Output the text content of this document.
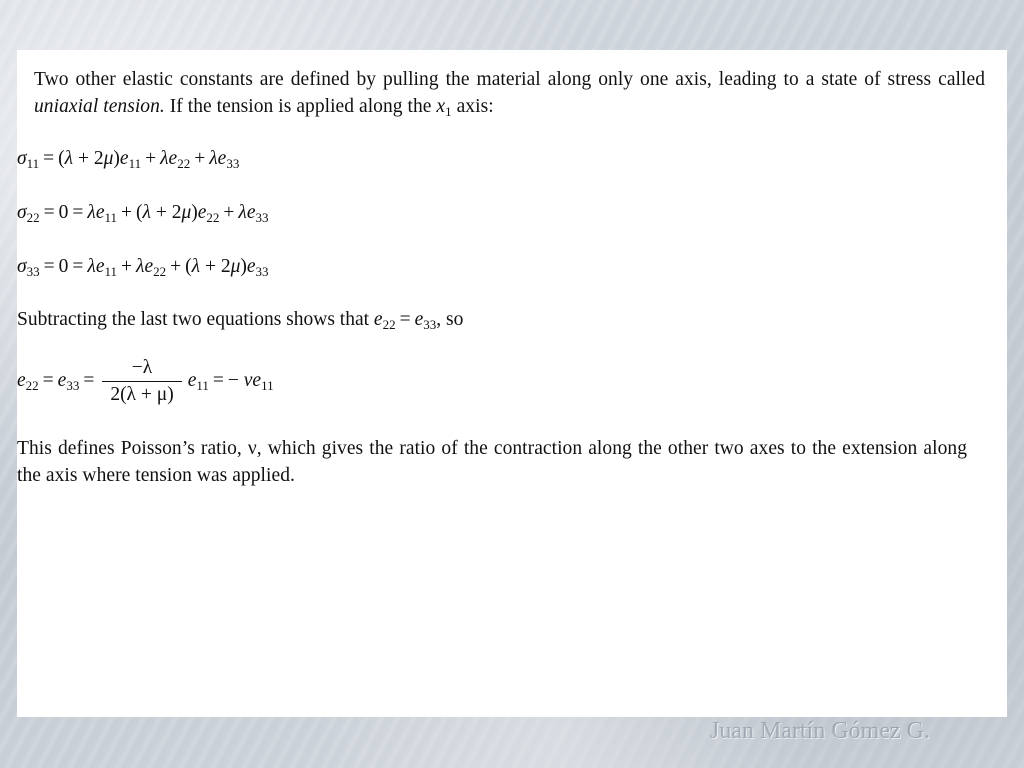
Two other elastic constants are defined by pulling the material along only one axis, leading to a state of stress called uniaxial tension. If the tension is applied along the $x_1$ axis:

$\sigma_{11} = (\lambda + 2\mu)e_{11} + \lambda e_{22} + \lambda e_{33}$
$\sigma_{22} = 0 = \lambda e_{11} + (\lambda + 2\mu)e_{22} + \lambda e_{33}$
$\sigma_{33} = 0 = \lambda e_{11} + \lambda e_{22} + (\lambda + 2\mu)e_{33}$
Subtracting the last two equations shows that $e_{22} = e_{33}$, so
$e_{22} = e_{33} = \frac{-\lambda}{2(\lambda + \mu)} e_{11}$ = − $\nu e_{11}$

This defines Poisson’s ratio, ν, which gives the ratio of the contraction along the other two axes to the extension along the axis where tension was applied.

Juan Martín Gómez G.
